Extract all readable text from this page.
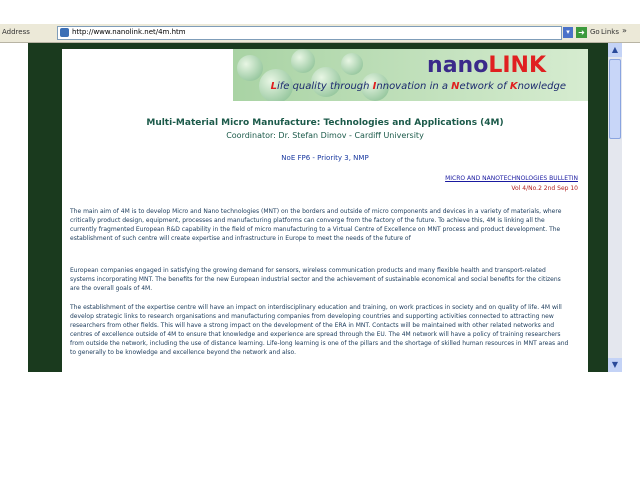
Address	http://www.nanolink.net/4m.htm	▾	➜ Go Links »
nanoLINK
Life quality through Innovation in a Network of Knowledge
Multi-Material Micro Manufacture: Technologies and Applications (4M)
Coordinator: Dr. Stefan Dimov - Cardiff University
NoE FP6 - Priority 3, NMP
MICRO AND NANOTECHNOLOGIES BULLETIN
Vol 4/No.2 2nd Sep 10
The main aim of 4M is to develop Micro and Nano technologies (MNT) on the borders and outside of micro components and devices in a variety of materials, where critically product design, equipment, processes and manufacturing platforms can converge from the factory of the future. To achieve this, 4M is linking all the currently fragmented European R&D capability in the field of micro manufacturing to a Virtual Centre of Excellence on MNT process and product development. The establishment of such centre will create expertise and infrastructure in Europe to meet the needs of the future of
European companies engaged in satisfying the growing demand for sensors, wireless communication products and many flexible health and transport-related systems incorporating MNT. The benefits for the new European industrial sector and the achievement of sustainable economical and social benefits for the citizens are the overall goals of 4M.
The establishment of the expertise centre will have an impact on interdisciplinary education and training, on work practices in society and on quality of life. 4M will develop strategic links to research organisations and manufacturing companies from developing countries and supporting activities connected to attracting new researchers from other fields. This will have a strong impact on the development of the ERA in MNT. Contacts will be maintained with other related networks and centres of excellence outside of 4M to ensure that knowledge and experience are spread through the EU. The 4M network will have a policy of training researchers from outside the network, including the use of distance learning. Life-long learning is one of the pillars and the shortage of skilled human resources in MNT areas and to generally to be knowledge and excellence beyond the network and also.
▲
▼
